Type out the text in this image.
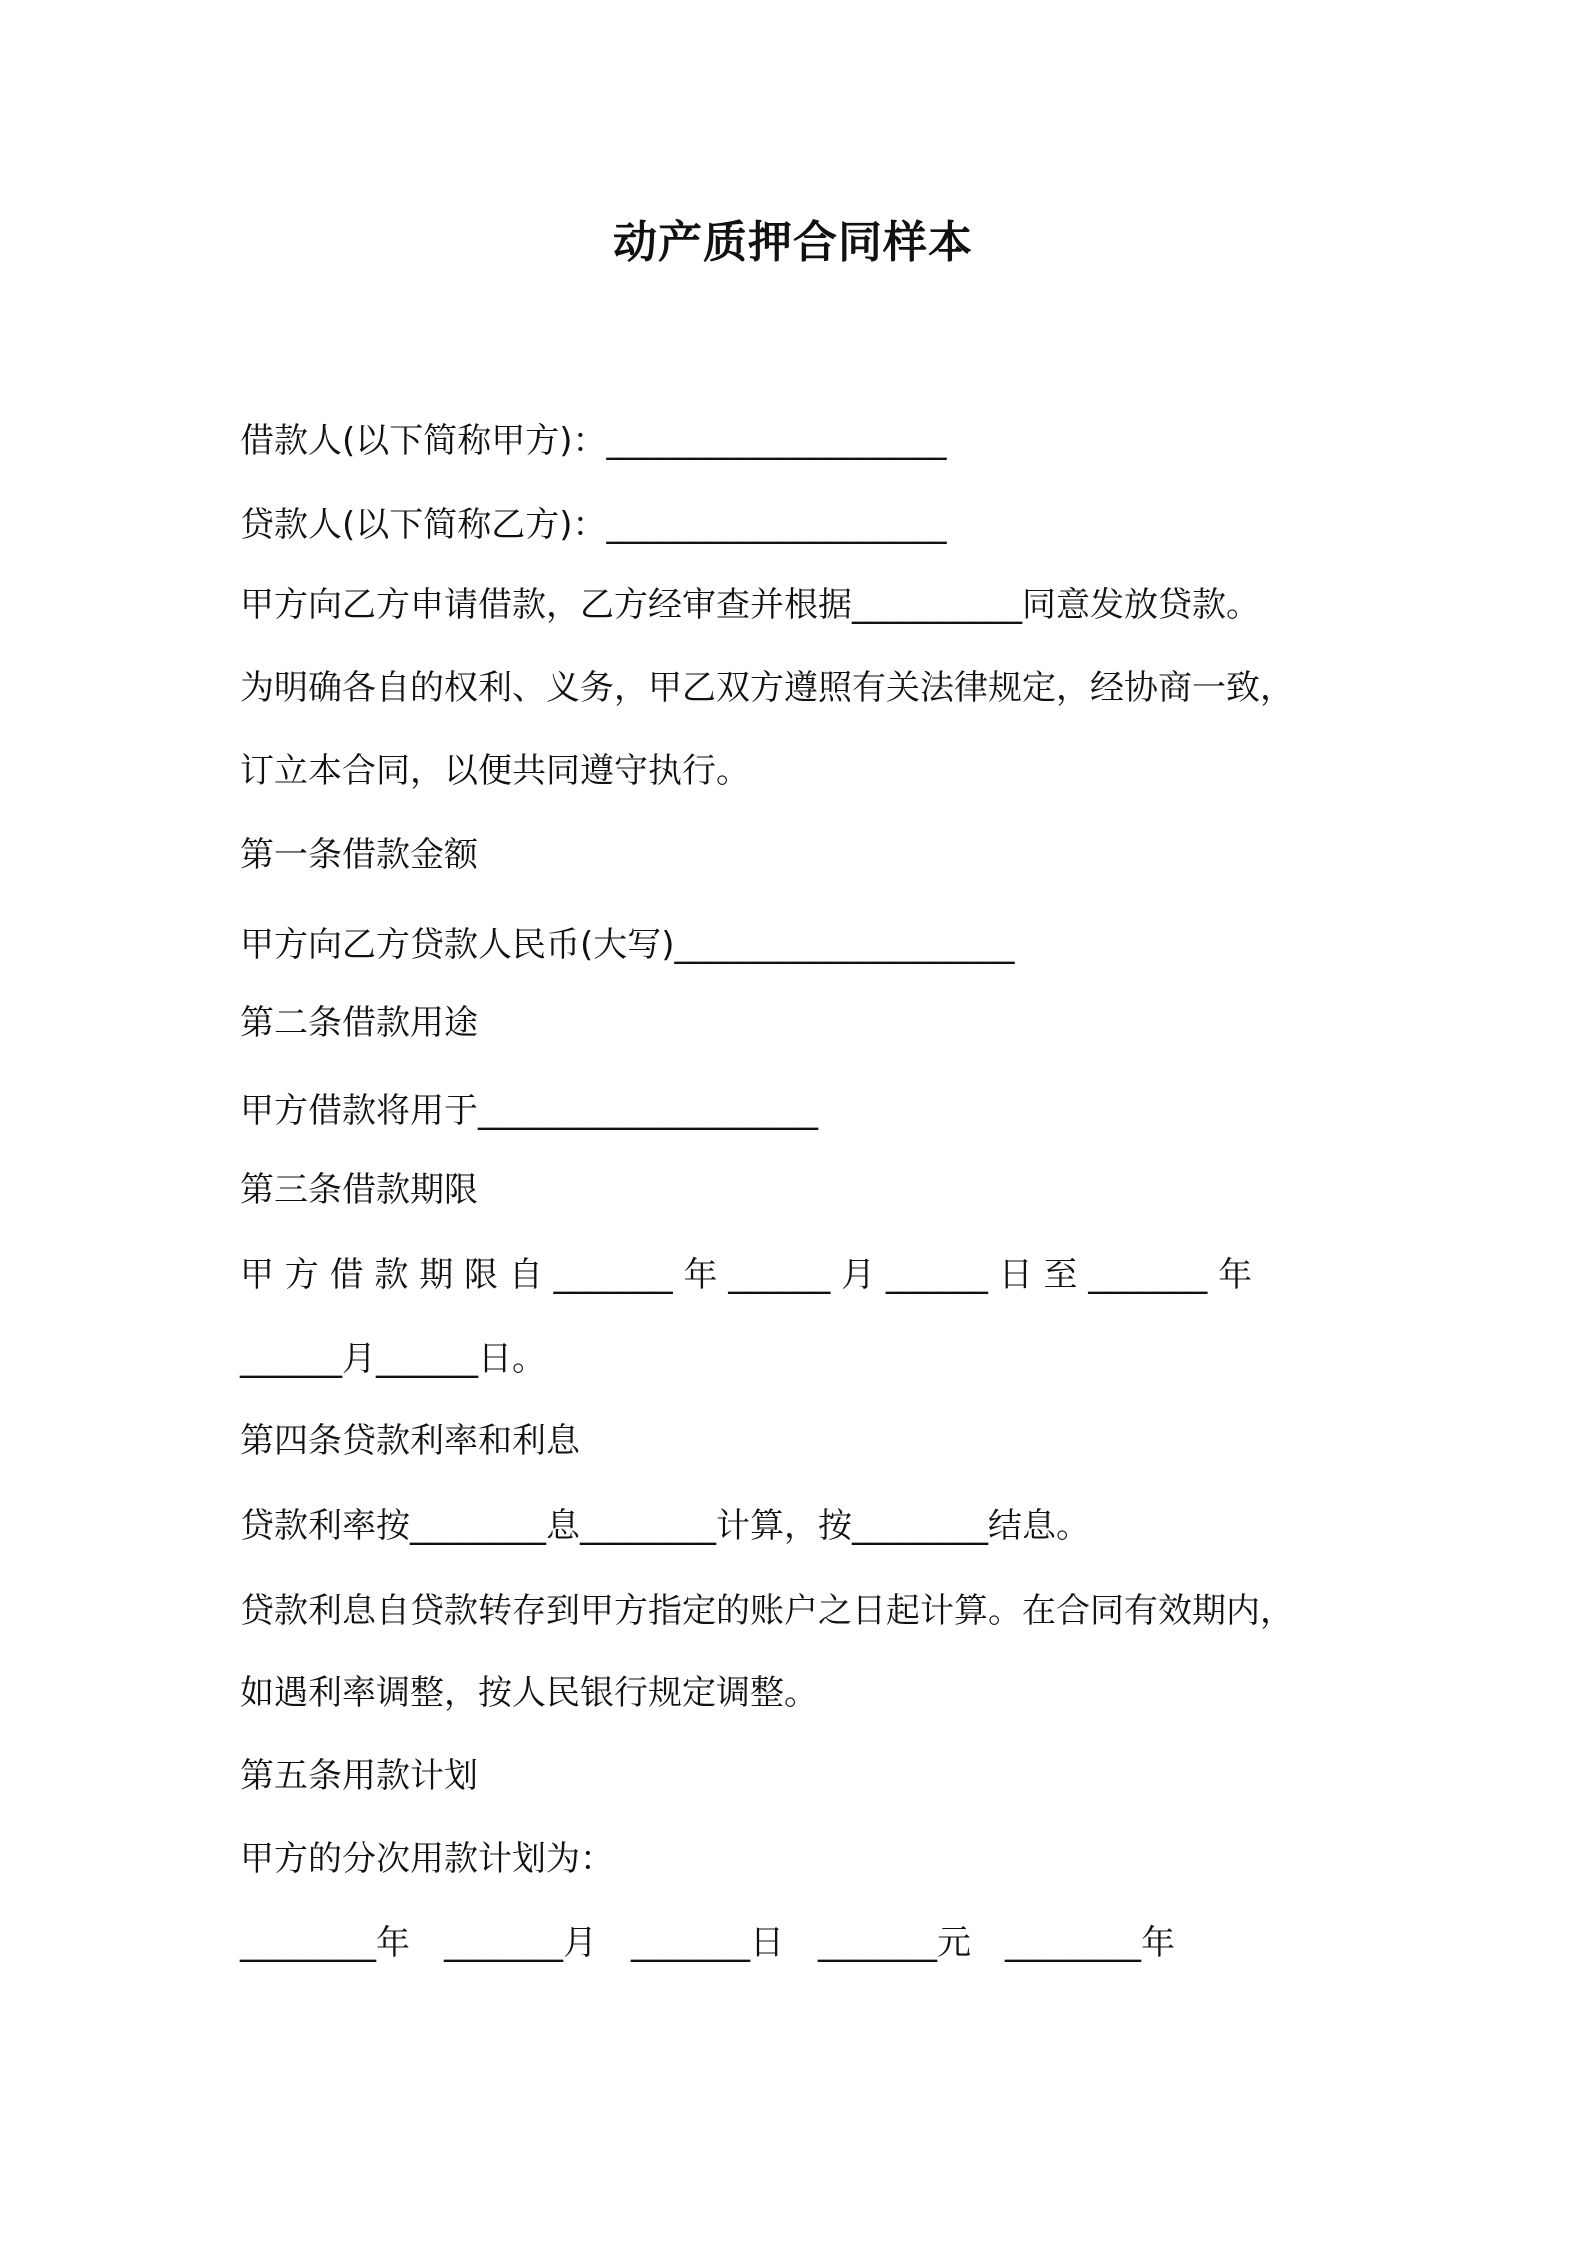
动产质押合同样本
借款人(以下简称甲方)：____________________
贷款人(以下简称乙方)：____________________
甲方向乙方申请借款，乙方经审查并根据__________同意发放贷款。
为明确各自的权利、义务，甲乙双方遵照有关法律规定，经协商一致，
订立本合同，以便共同遵守执行。
第一条借款金额
甲方向乙方贷款人民币(大写)____________________
第二条借款用途
甲方借款将用于____________________
第三条借款期限
甲 方 借 款 期 限 自 _______ 年 ______ 月 ______ 日 至 _______ 年
______月______日。
第四条贷款利率和利息
贷款利率按________息________计算，按________结息。
贷款利息自贷款转存到甲方指定的账户之日起计算。在合同有效期内，
如遇利率调整，按人民银行规定调整。
第五条用款计划
甲方的分次用款计划为：
________年　_______月　_______日　_______元　________年
